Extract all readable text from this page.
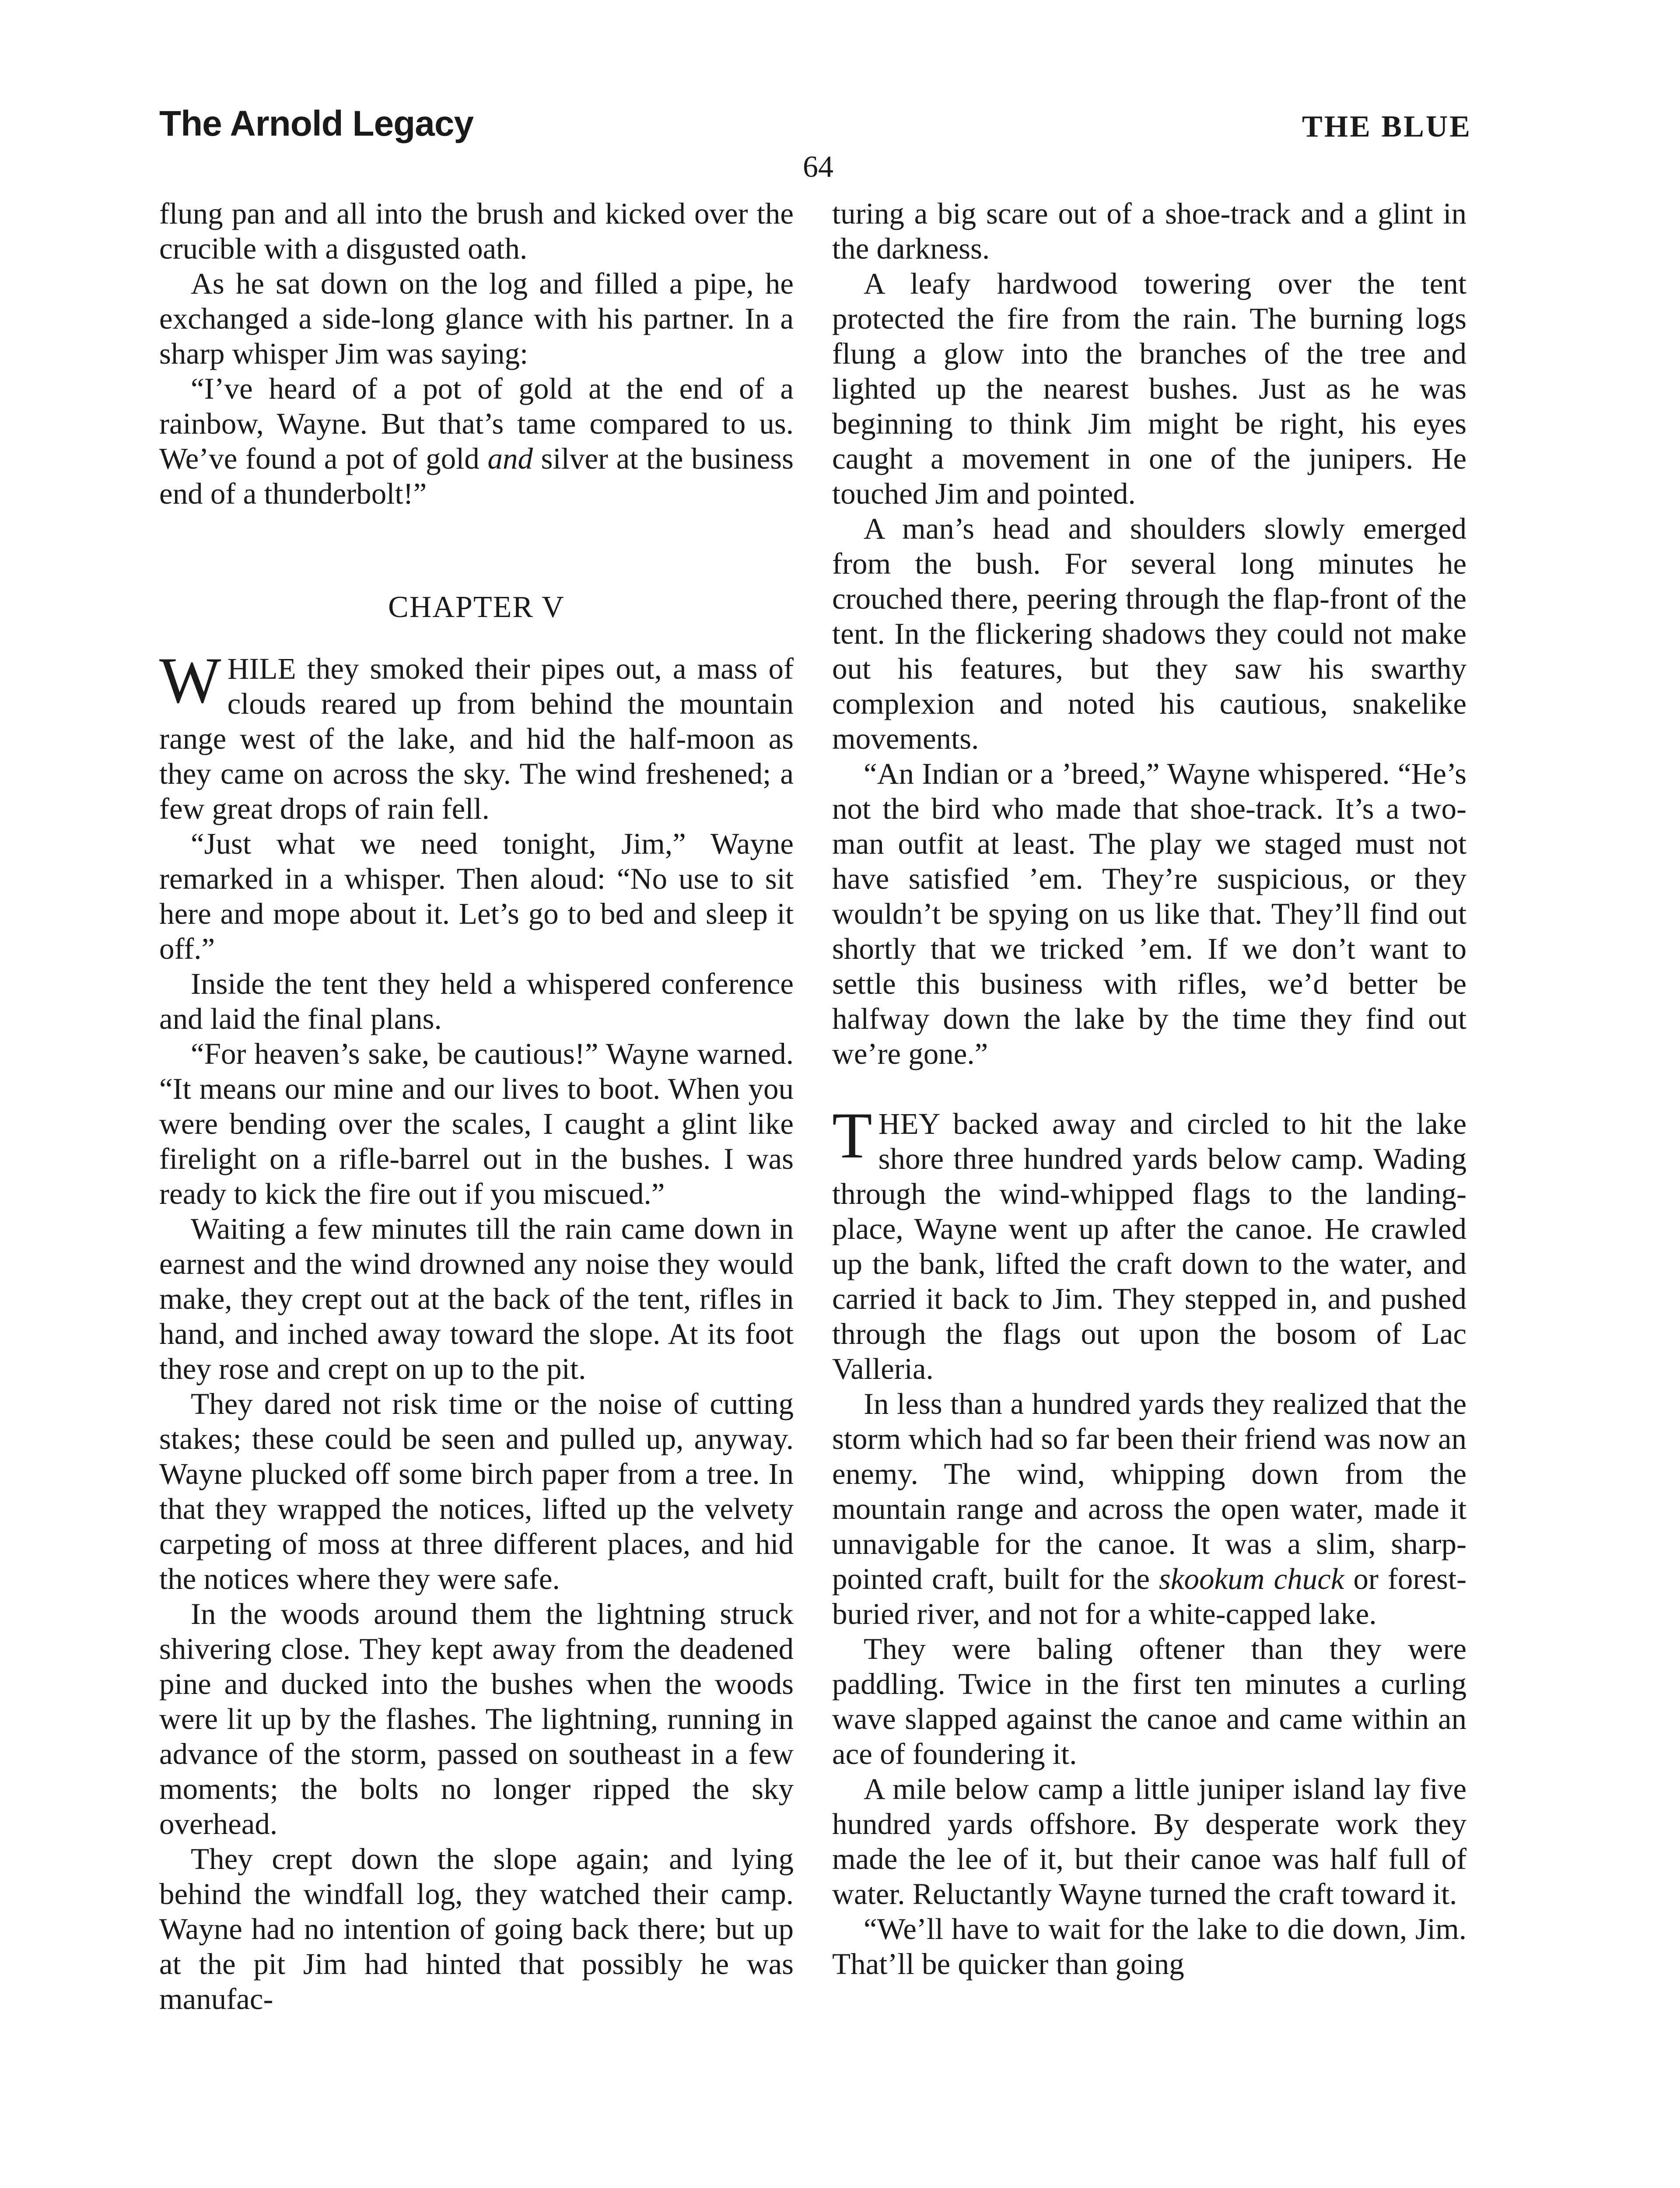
The Arnold Legacy	THE BLUE
64

flung pan and all into the brush and kicked over the crucible with a disgusted oath.

As he sat down on the log and filled a pipe, he exchanged a side-long glance with his partner. In a sharp whisper Jim was saying:

“I’ve heard of a pot of gold at the end of a rainbow, Wayne. But that’s tame compared to us. We’ve found a pot of gold and silver at the business end of a thunderbolt!”

CHAPTER V

WHILE they smoked their pipes out, a mass of clouds reared up from behind the mountain range west of the lake, and hid the half-moon as they came on across the sky. The wind freshened; a few great drops of rain fell.

“Just what we need tonight, Jim,” Wayne remarked in a whisper. Then aloud: “No use to sit here and mope about it. Let’s go to bed and sleep it off.”

Inside the tent they held a whispered conference and laid the final plans.

“For heaven’s sake, be cautious!” Wayne warned. “It means our mine and our lives to boot. When you were bending over the scales, I caught a glint like firelight on a rifle-barrel out in the bushes. I was ready to kick the fire out if you miscued.”

Waiting a few minutes till the rain came down in earnest and the wind drowned any noise they would make, they crept out at the back of the tent, rifles in hand, and inched away toward the slope. At its foot they rose and crept on up to the pit.

They dared not risk time or the noise of cutting stakes; these could be seen and pulled up, anyway. Wayne plucked off some birch paper from a tree. In that they wrapped the notices, lifted up the velvety carpeting of moss at three different places, and hid the notices where they were safe.

In the woods around them the lightning struck shivering close. They kept away from the deadened pine and ducked into the bushes when the woods were lit up by the flashes. The lightning, running in advance of the storm, passed on southeast in a few moments; the bolts no longer ripped the sky overhead.

They crept down the slope again; and lying behind the windfall log, they watched their camp. Wayne had no intention of going back there; but up at the pit Jim had hinted that possibly he was manufac-

turing a big scare out of a shoe-track and a glint in the darkness.

A leafy hardwood towering over the tent protected the fire from the rain. The burning logs flung a glow into the branches of the tree and lighted up the nearest bushes. Just as he was beginning to think Jim might be right, his eyes caught a movement in one of the junipers. He touched Jim and pointed.

A man’s head and shoulders slowly emerged from the bush. For several long minutes he crouched there, peering through the flap-front of the tent. In the flickering shadows they could not make out his features, but they saw his swarthy complexion and noted his cautious, snakelike movements.

“An Indian or a ’breed,” Wayne whispered. “He’s not the bird who made that shoe-track. It’s a two-man outfit at least. The play we staged must not have satisfied ’em. They’re suspicious, or they wouldn’t be spying on us like that. They’ll find out shortly that we tricked ’em. If we don’t want to settle this business with rifles, we’d better be halfway down the lake by the time they find out we’re gone.”

THEY backed away and circled to hit the lake shore three hundred yards below camp. Wading through the wind-whipped flags to the landing-place, Wayne went up after the canoe. He crawled up the bank, lifted the craft down to the water, and carried it back to Jim. They stepped in, and pushed through the flags out upon the bosom of Lac Valleria.

In less than a hundred yards they realized that the storm which had so far been their friend was now an enemy. The wind, whipping down from the mountain range and across the open water, made it unnavigable for the canoe. It was a slim, sharp-pointed craft, built for the skookum chuck or forest-buried river, and not for a white-capped lake.

They were baling oftener than they were paddling. Twice in the first ten minutes a curling wave slapped against the canoe and came within an ace of foundering it.

A mile below camp a little juniper island lay five hundred yards offshore. By desperate work they made the lee of it, but their canoe was half full of water. Reluctantly Wayne turned the craft toward it.

“We’ll have to wait for the lake to die down, Jim. That’ll be quicker than going
